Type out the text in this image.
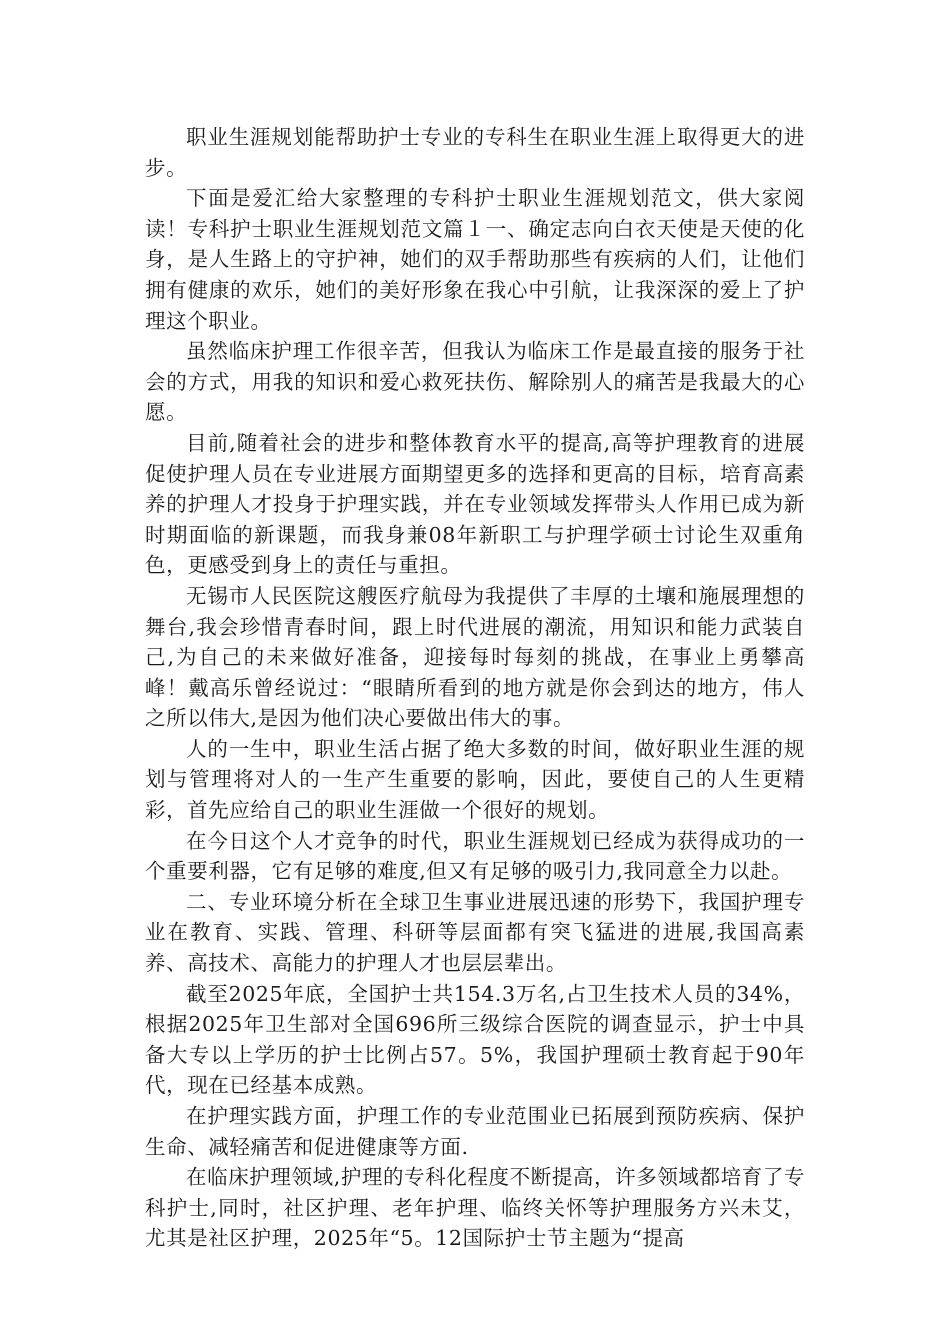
职业生涯规划能帮助护士专业的专科生在职业生涯上取得更大的进步。

下面是爱汇给大家整理的专科护士职业生涯规划范文，供大家阅读！专科护士职业生涯规划范文篇１一、确定志向白衣天使是天使的化身，是人生路上的守护神，她们的双手帮助那些有疾病的人们，让他们拥有健康的欢乐，她们的美好形象在我心中引航，让我深深的爱上了护理这个职业。

虽然临床护理工作很辛苦，但我认为临床工作是最直接的服务于社会的方式，用我的知识和爱心救死扶伤、解除别人的痛苦是我最大的心愿。

目前,随着社会的进步和整体教育水平的提高,高等护理教育的进展促使护理人员在专业进展方面期望更多的选择和更高的目标，培育高素养的护理人才投身于护理实践，并在专业领域发挥带头人作用已成为新时期面临的新课题，而我身兼08年新职工与护理学硕士讨论生双重角色，更感受到身上的责任与重担。

无锡市人民医院这艘医疗航母为我提供了丰厚的土壤和施展理想的舞台,我会珍惜青春时间，跟上时代进展的潮流，用知识和能力武装自己,为自己的未来做好准备，迎接每时每刻的挑战，在事业上勇攀高峰！戴高乐曾经说过：“眼睛所看到的地方就是你会到达的地方，伟人之所以伟大,是因为他们决心要做出伟大的事。

人的一生中，职业生活占据了绝大多数的时间，做好职业生涯的规划与管理将对人的一生产生重要的影响，因此，要使自己的人生更精彩，首先应给自己的职业生涯做一个很好的规划。

在今日这个人才竞争的时代，职业生涯规划已经成为获得成功的一个重要利器，它有足够的难度,但又有足够的吸引力,我同意全力以赴。

二、专业环境分析在全球卫生事业进展迅速的形势下，我国护理专业在教育、实践、管理、科研等层面都有突飞猛进的进展,我国高素养、高技术、高能力的护理人才也层层辈出。

截至2025年底，全国护士共154.3万名,占卫生技术人员的34%，根据2025年卫生部对全国696所三级综合医院的调查显示，护士中具备大专以上学历的护士比例占57。5%，我国护理硕士教育起于90年代，现在已经基本成熟。

在护理实践方面，护理工作的专业范围业已拓展到预防疾病、保护生命、减轻痛苦和促进健康等方面.

在临床护理领域,护理的专科化程度不断提高，许多领域都培育了专科护士,同时，社区护理、老年护理、临终关怀等护理服务方兴未艾，尤其是社区护理，2025年“5。12国际护士节主题为“提高
